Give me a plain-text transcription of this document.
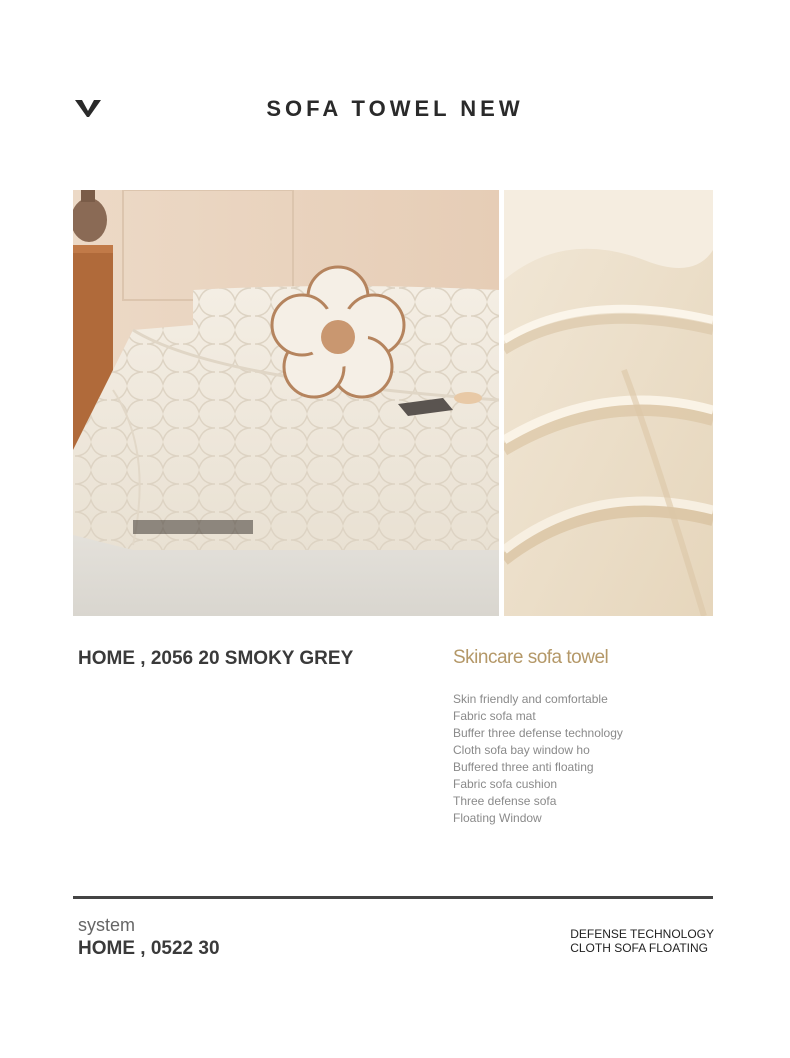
SOFA TOWEL NEW
HOME , 2056 20 SMOKY GREY	Skincare sofa towel
Skin friendly and comfortable
Fabric sofa mat
Buffer three defense technology
Cloth sofa bay window ho
Buffered three anti floating
Fabric sofa cushion
Three defense sofa
Floating Window
system
HOME , 0522 30
DEFENSE TECHNOLOGY
CLOTH SOFA FLOATING
